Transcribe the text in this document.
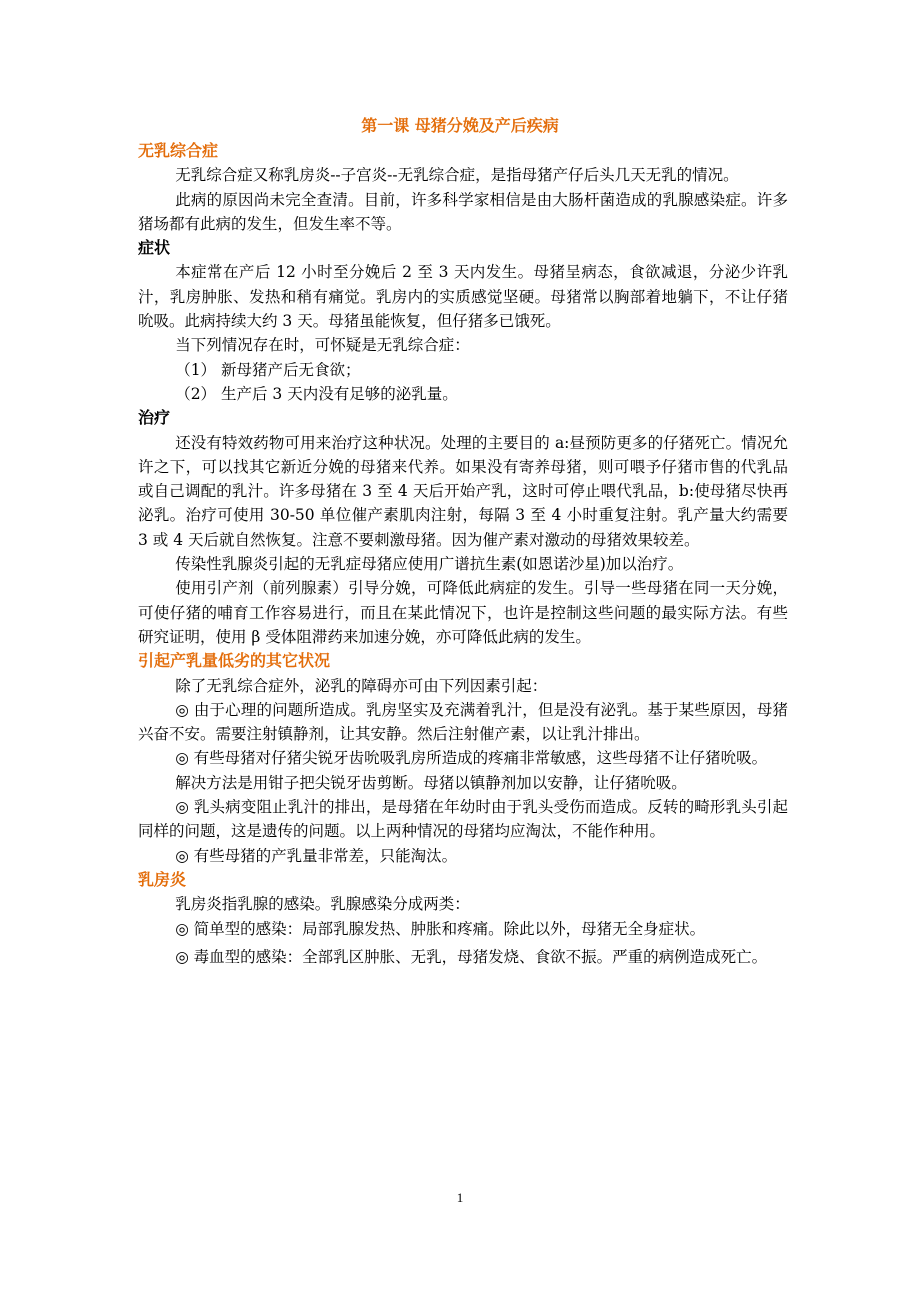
第一课 母猪分娩及产后疾病
无乳综合症

无乳综合症又称乳房炎--子宫炎--无乳综合症，是指母猪产仔后头几天无乳的情况。

此病的原因尚未完全查清。目前，许多科学家相信是由大肠杆菌造成的乳腺感染症。许多猪场都有此病的发生，但发生率不等。

症状

本症常在产后 12 小时至分娩后 2 至 3 天内发生。母猪呈病态，食欲减退，分泌少许乳汁，乳房肿胀、发热和稍有痛觉。乳房内的实质感觉坚硬。母猪常以胸部着地躺下，不让仔猪吮吸。此病持续大约 3 天。母猪虽能恢复，但仔猪多已饿死。

当下列情况存在时，可怀疑是无乳综合症：

（1） 新母猪产后无食欲；

（2） 生产后 3 天内没有足够的泌乳量。

治疗

还没有特效药物可用来治疗这种状况。处理的主要目的 a:昼预防更多的仔猪死亡。情况允许之下，可以找其它新近分娩的母猪来代养。如果没有寄养母猪，则可喂予仔猪市售的代乳品或自己调配的乳汁。许多母猪在 3 至 4 天后开始产乳，这时可停止喂代乳品，b:使母猪尽快再泌乳。治疗可使用 30-50 单位催产素肌肉注射，每隔 3 至 4 小时重复注射。乳产量大约需要 3 或 4 天后就自然恢复。注意不要刺激母猪。因为催产素对激动的母猪效果较差。

传染性乳腺炎引起的无乳症母猪应使用广谱抗生素(如恩诺沙星)加以治疗。

使用引产剂（前列腺素）引导分娩，可降低此病症的发生。引导一些母猪在同一天分娩，可使仔猪的哺育工作容易进行，而且在某此情况下，也许是控制这些问题的最实际方法。有些研究证明，使用 β 受体阻滞药来加速分娩，亦可降低此病的发生。

引起产乳量低劣的其它状况

除了无乳综合症外，泌乳的障碍亦可由下列因素引起：

◎ 由于心理的问题所造成。乳房坚实及充满着乳汁，但是没有泌乳。基于某些原因，母猪兴奋不安。需要注射镇静剂，让其安静。然后注射催产素，以让乳汁排出。

◎ 有些母猪对仔猪尖锐牙齿吮吸乳房所造成的疼痛非常敏感，这些母猪不让仔猪吮吸。

解决方法是用钳子把尖锐牙齿剪断。母猪以镇静剂加以安静，让仔猪吮吸。

◎ 乳头病变阻止乳汁的排出，是母猪在年幼时由于乳头受伤而造成。反转的畸形乳头引起同样的问题，这是遗传的问题。以上两种情况的母猪均应淘汰，不能作种用。

◎ 有些母猪的产乳量非常差，只能淘汰。

乳房炎

乳房炎指乳腺的感染。乳腺感染分成两类：

◎ 简单型的感染：局部乳腺发热、肿胀和疼痛。除此以外，母猪无全身症状。

◎ 毒血型的感染：全部乳区肿胀、无乳，母猪发烧、食欲不振。严重的病例造成死亡。

1
